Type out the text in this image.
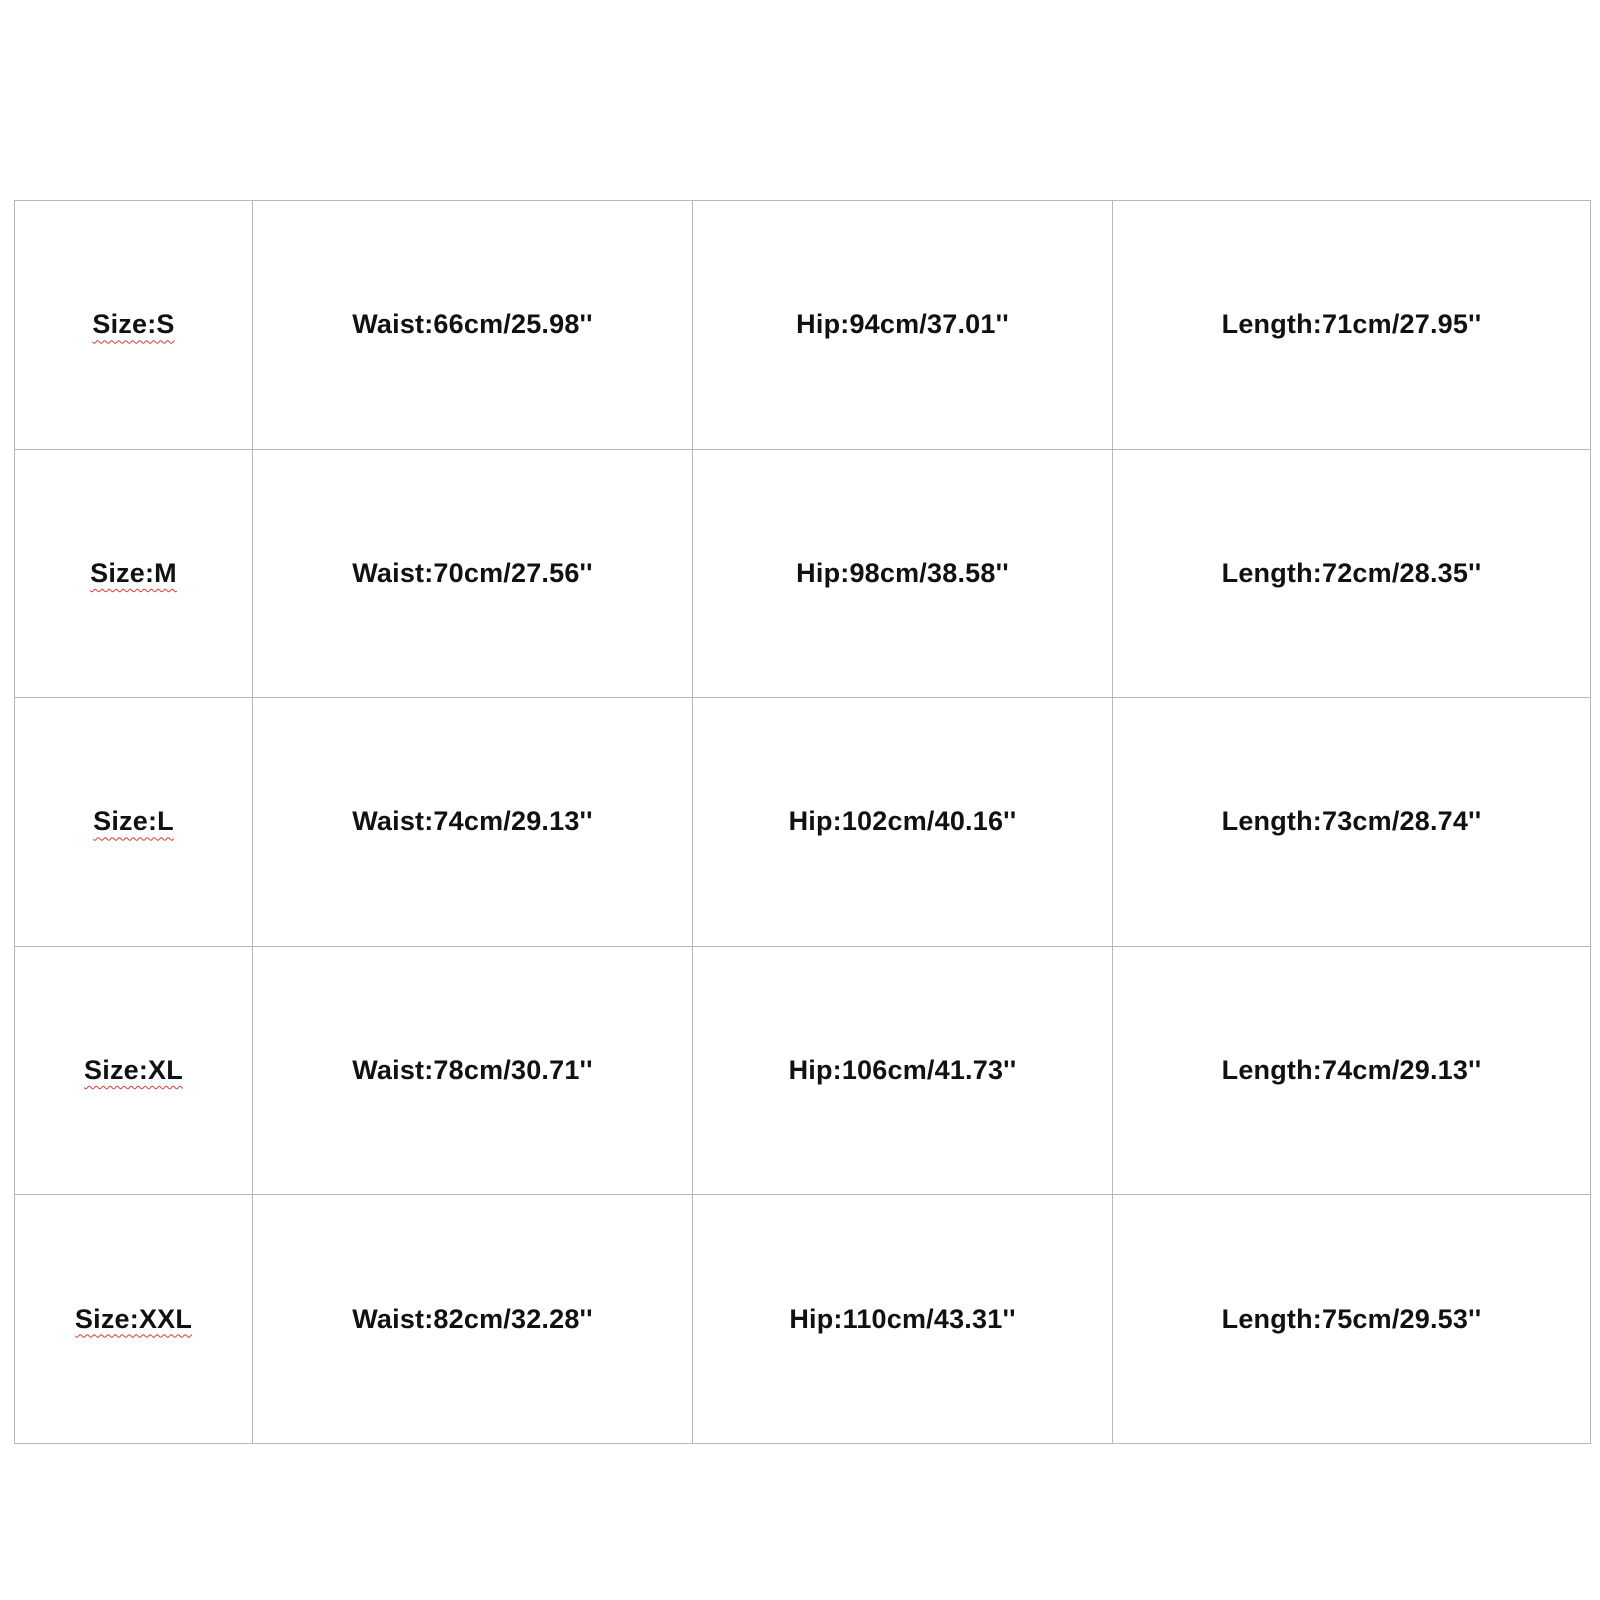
Size:S	Waist:66cm/25.98''	Hip:94cm/37.01''	Length:71cm/27.95''
Size:M	Waist:70cm/27.56''	Hip:98cm/38.58''	Length:72cm/28.35''
Size:L	Waist:74cm/29.13''	Hip:102cm/40.16''	Length:73cm/28.74''
Size:XL	Waist:78cm/30.71''	Hip:106cm/41.73''	Length:74cm/29.13''
Size:XXL	Waist:82cm/32.28''	Hip:110cm/43.31''	Length:75cm/29.53''
